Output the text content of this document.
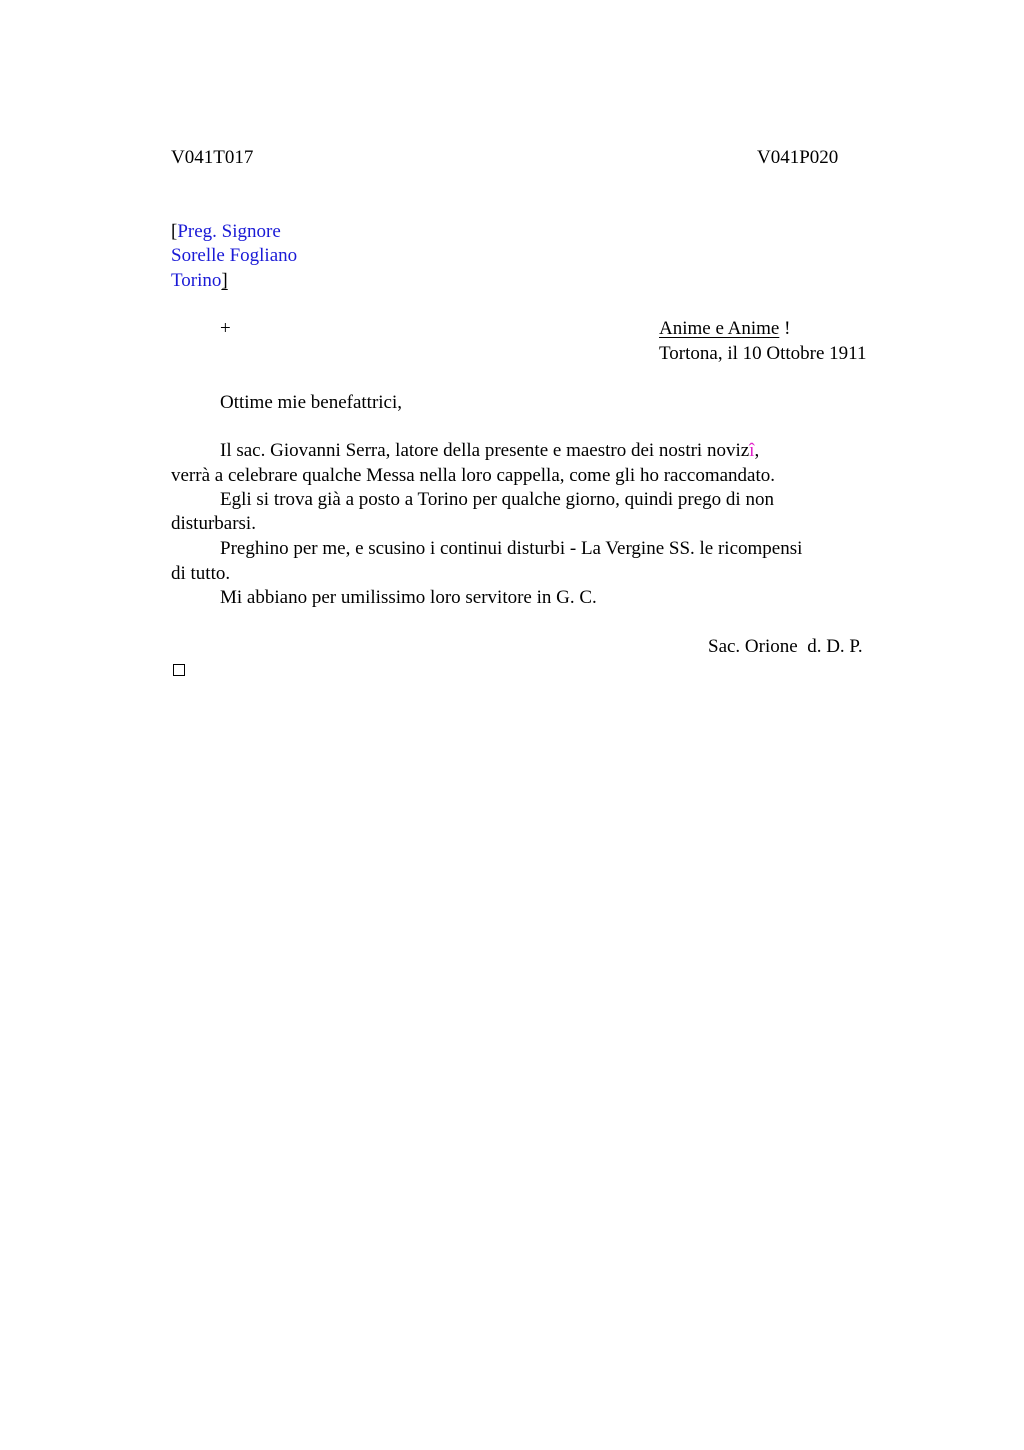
V041T017	V041P020
[Preg. Signore
Sorelle Fogliano
Torino]
+	Anime e Anime !
Tortona, il 10 Ottobre 1911
Ottime mie benefattrici,
Il sac. Giovanni Serra, latore della presente e maestro dei nostri novizî,
verrà a celebrare qualche Messa nella loro cappella, come gli ho raccomandato.
Egli si trova già a posto a Torino per qualche giorno, quindi prego di non
disturbarsi.
Preghino per me, e scusino i continui disturbi - La Vergine SS. le ricompensi
di tutto.
Mi abbiano per umilissimo loro servitore in G. C.
Sac. Orione  d. D. P.
